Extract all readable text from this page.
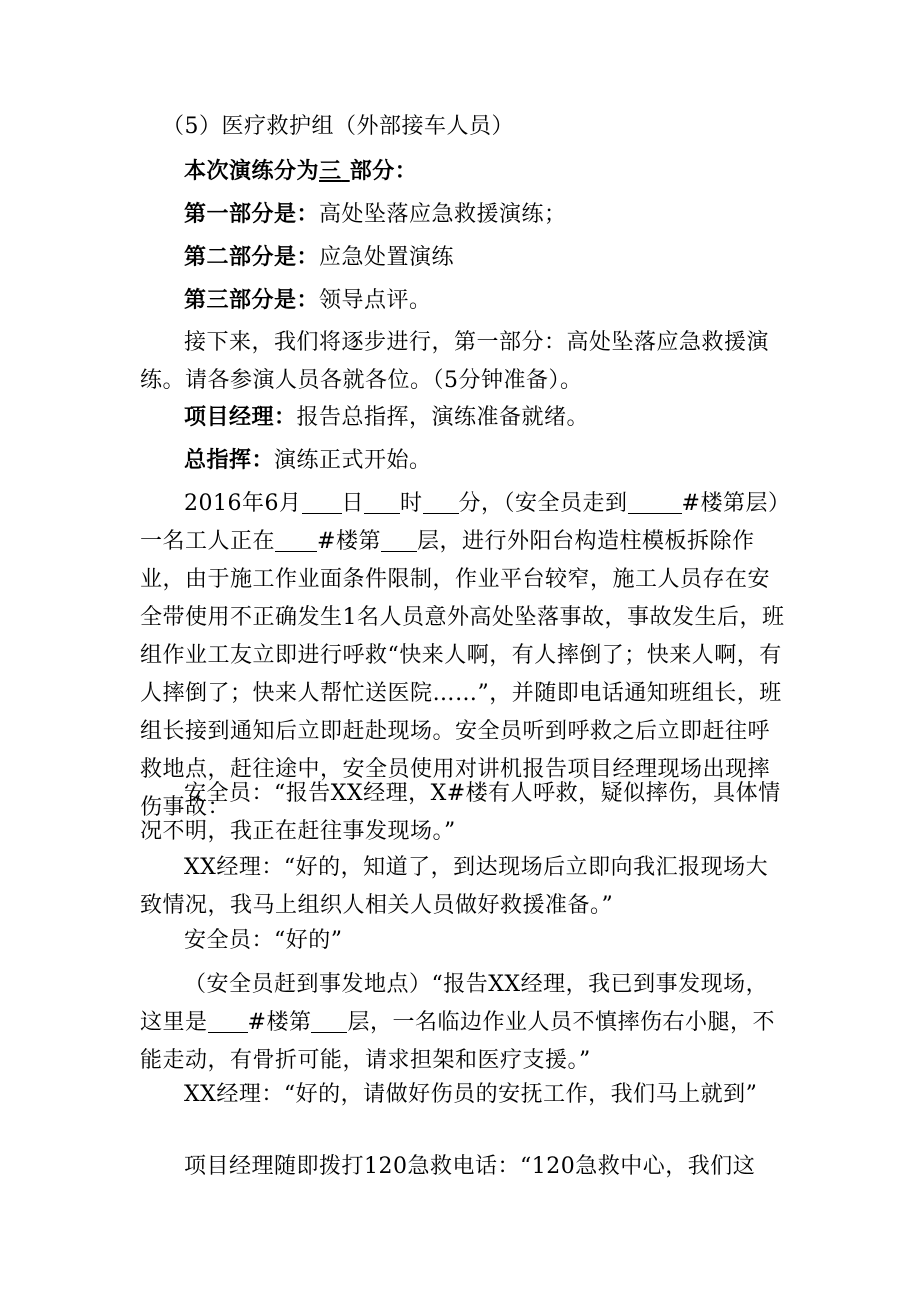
（5）医疗救护组（外部接车人员）

本次演练分为三 部分：

第一部分是：高处坠落应急救援演练；

第二部分是：应急处置演练

第三部分是：领导点评。

接下来，我们将逐步进行，第一部分：高处坠落应急救援演练。请各参演人员各就各位。（5分钟准备）。

项目经理：报告总指挥，演练准备就绪。

总指挥：演练正式开始。

2016年6月 日 时 分，（安全员走到 #楼第层）一名工人正在 #楼第 层，进行外阳台构造柱模板拆除作业，由于施工作业面条件限制，作业平台较窄，施工人员存在安全带使用不正确发生1名人员意外高处坠落事故，事故发生后，班组作业工友立即进行呼救“快来人啊，有人摔倒了；快来人啊，有人摔倒了；快来人帮忙送医院……”，并随即电话通知班组长，班组长接到通知后立即赶赴现场。安全员听到呼救之后立即赶往呼救地点，赶往途中，安全员使用对讲机报告项目经理现场出现摔伤事故：

安全员：“报告XX经理，X#楼有人呼救，疑似摔伤，具体情况不明，我正在赶往事发现场。”

XX经理：“好的，知道了，到达现场后立即向我汇报现场大致情况，我马上组织人相关人员做好救援准备。”

安全员：“好的”

（安全员赶到事发地点）“报告XX经理，我已到事发现场，这里是 #楼第 层，一名临边作业人员不慎摔伤右小腿，不能走动，有骨折可能，请求担架和医疗支援。”

XX经理：“好的，请做好伤员的安抚工作，我们马上就到”

项目经理随即拨打120急救电话：“120急救中心，我们这
